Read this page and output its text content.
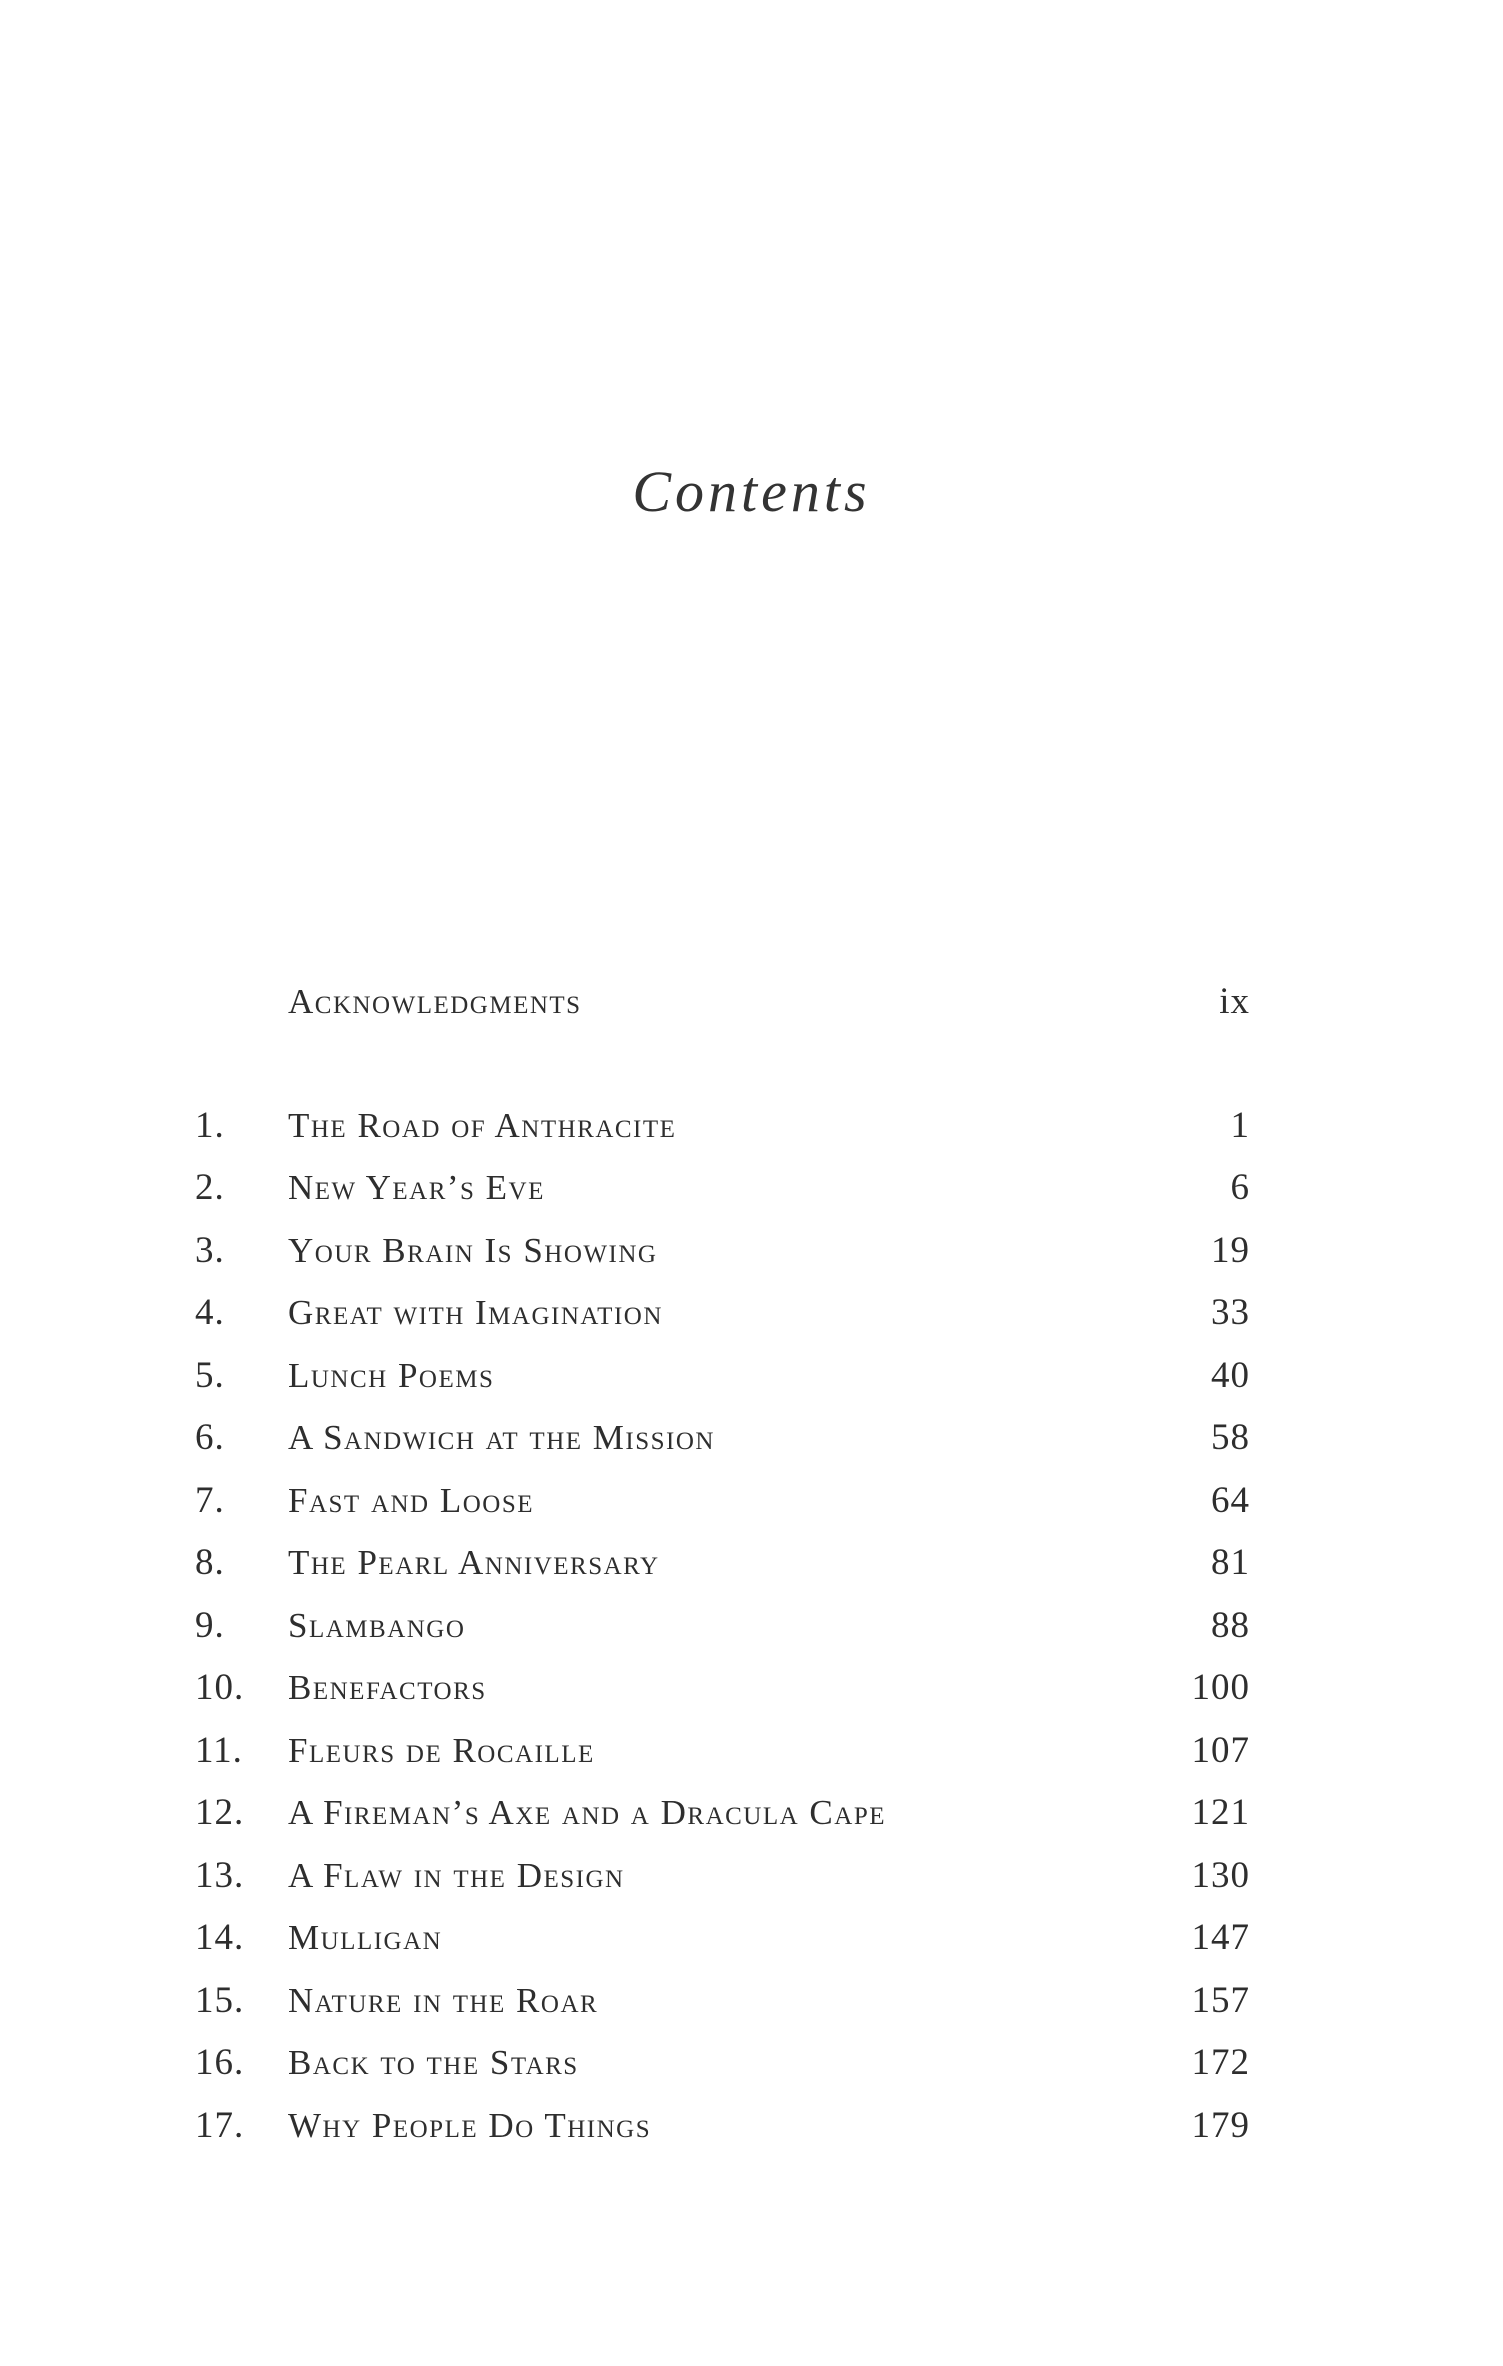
Contents
Acknowledgments	ix
1.	The Road of Anthracite	1
2.	New Year’s Eve	6
3.	Your Brain Is Showing	19
4.	Great with Imagination	33
5.	Lunch Poems	40
6.	A Sandwich at the Mission	58
7.	Fast and Loose	64
8.	The Pearl Anniversary	81
9.	Slambango	88
10.	Benefactors	100
11.	Fleurs de Rocaille	107
12.	A Fireman’s Axe and a Dracula Cape	121
13.	A Flaw in the Design	130
14.	Mulligan	147
15.	Nature in the Roar	157
16.	Back to the Stars	172
17.	Why People Do Things	179
